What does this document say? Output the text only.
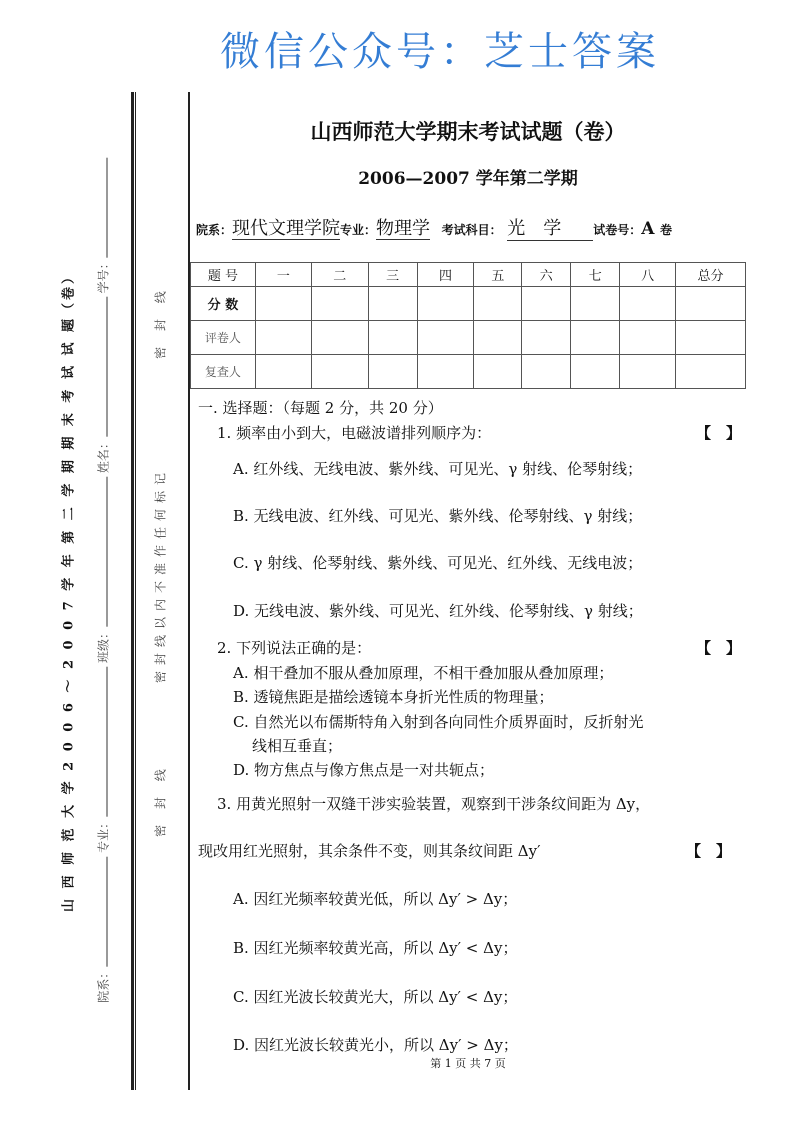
山 西 师 范 大 学 2 0 0 6 ～ 2 0 0 7 学 年 第 二 学 期 期 末 考 试 试 题（卷）
院系： 专业： 班级： 姓名： 学号：
密 封 线
密封线以内不准作任何标记
密 封 线
山西师范大学期末考试试题（卷）
2006—2007 学年第二学期
院系：现代文理学院专业：物理学 考试科目： 光　学	试卷号：A 卷
题 号	一	二	三	四	五	六	七	八	总分
分 数									
评卷人									
复查人									
一. 选择题：（每题 2 分，共 20 分）
1. 频率由小到大，电磁波谱排列顺序为：	【　】
A. 红外线、无线电波、紫外线、可见光、γ 射线、伦琴射线；
B. 无线电波、红外线、可见光、紫外线、伦琴射线、γ 射线；
C. γ 射线、伦琴射线、紫外线、可见光、红外线、无线电波；
D. 无线电波、紫外线、可见光、红外线、伦琴射线、γ 射线；
2. 下列说法正确的是：	【　】
A. 相干叠加不服从叠加原理，不相干叠加服从叠加原理；
B. 透镜焦距是描绘透镜本身折光性质的物理量；
C. 自然光以布儒斯特角入射到各向同性介质界面时，反折射光
线相互垂直；
D. 物方焦点与像方焦点是一对共轭点；
3. 用黄光照射一双缝干涉实验装置，观察到干涉条纹间距为 Δy，
现改用红光照射，其余条件不变，则其条纹间距 Δy′	【　】
A. 因红光频率较黄光低，所以 Δy′ > Δy；
B. 因红光频率较黄光高，所以 Δy′ < Δy；
C. 因红光波长较黄光大，所以 Δy′ < Δy；
D. 因红光波长较黄光小，所以 Δy′ > Δy；
第 1 页 共 7 页
微信公众号：芝士答案
